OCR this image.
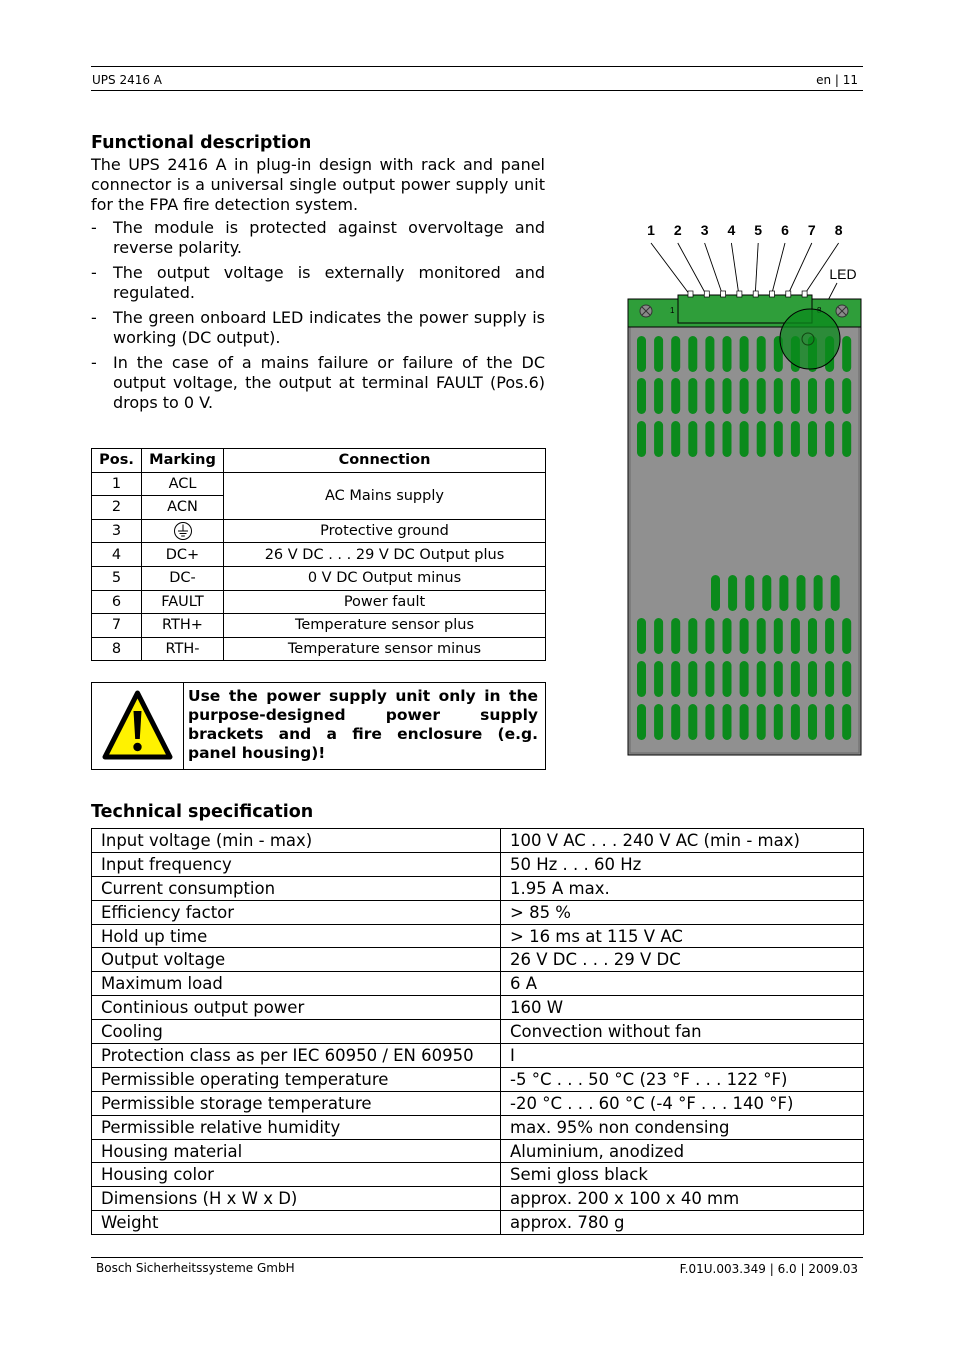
UPS 2416 A	en | 11
Functional description
The UPS 2416 A in plug-in design with rack and panel connector is a universal single output power supply unit for the FPA fire detection system.
- The module is protected against overvoltage and reverse polarity.
- The output voltage is externally monitored and regulated.
- The green onboard LED indicates the power supply is working (DC output).
- In the case of a mains failure or failure of the DC output voltage, the output at terminal FAULT (Pos.6) drops to 0 V.
Pos.	Marking	Connection
1	ACL	AC Mains supply
2	ACN	
3		Protective ground
4	DC+	26 V DC . . . 29 V DC Output plus
5	DC-	0 V DC Output minus
6	FAULT	Power fault
7	RTH+	Temperature sensor plus
8	RTH-	Temperature sensor minus
Use the power supply unit only in the purpose-designed power supply brackets and a fire enclosure (e.g. panel housing)!
1 2 3 4 5 6 7 8
LED
1
Technical specification
Input voltage (min - max)	100 V AC . . . 240 V AC (min - max)
Input frequency	50 Hz . . . 60 Hz
Current consumption	1.95 A max.
Efficiency factor	> 85 %
Hold up time	> 16 ms at 115 V AC
Output voltage	26 V DC . . . 29 V DC
Maximum load	6 A
Continious output power	160 W
Cooling	Convection without fan
Protection class as per IEC 60950 / EN 60950	I
Permissible operating temperature	-5 °C . . . 50 °C (23 °F . . . 122 °F)
Permissible storage temperature	-20 °C . . . 60 °C (-4 °F . . . 140 °F)
Permissible relative humidity	max. 95% non condensing
Housing material	Aluminium, anodized
Housing color	Semi gloss black
Dimensions (H x W x D)	approx. 200 x 100 x 40 mm
Weight	approx. 780 g
Bosch Sicherheitssysteme GmbH	F.01U.003.349 | 6.0 | 2009.03
